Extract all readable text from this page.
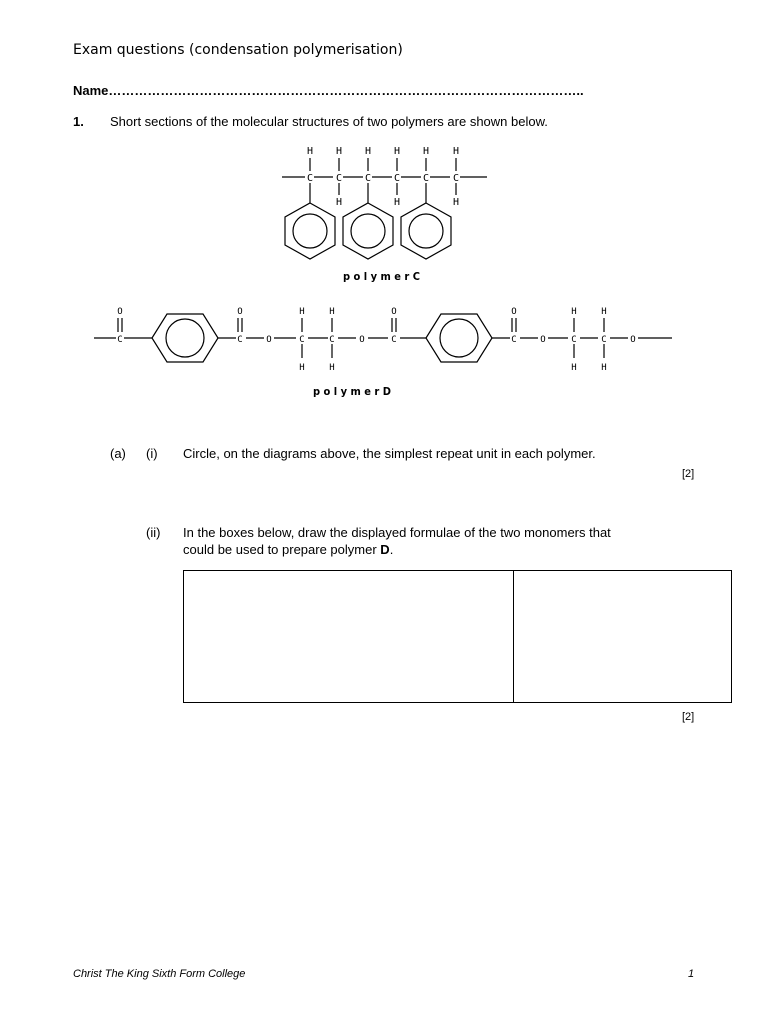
Exam questions (condensation polymerisation)
Name………………………………………………………………………………………………..
1. Short sections of the molecular structures of two polymers are shown below.
H H H H H H
C C C C C C
H	H	H
p o l y m e r C
O
C
O
C	O
H
C
H
H
C
H
O
O
C
O
C	O
H
C
H
H
C
H
O
p o l y m e r D
(a) (i) Circle, on the diagrams above, the simplest repeat unit in each polymer.
[2]
(ii) In the boxes below, draw the displayed formulae of the two monomers that
could be used to prepare polymer D.
[2]
Christ The King Sixth Form College	1
